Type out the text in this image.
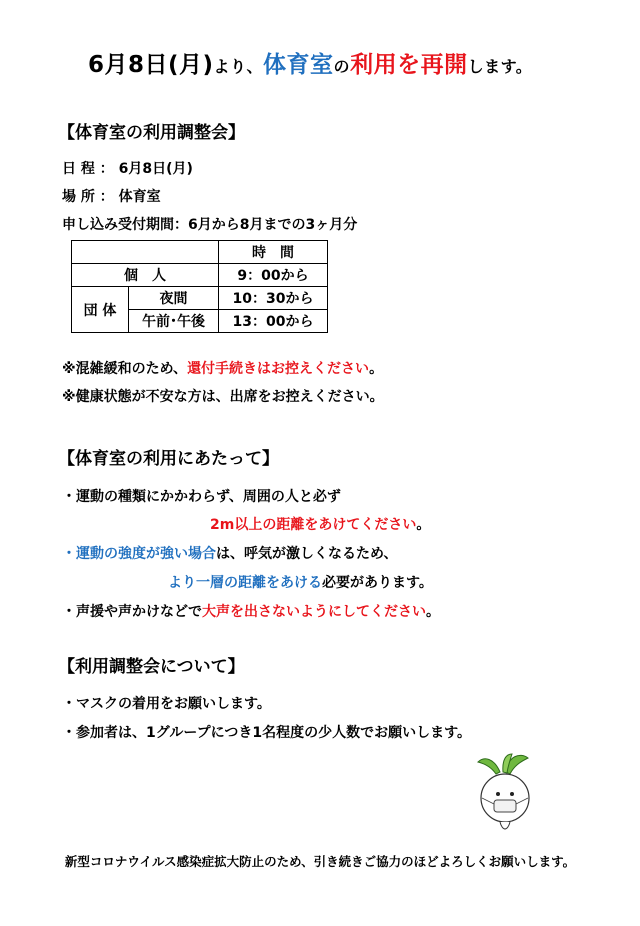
6月8日(月)より、体育室の利用を再開します。
【体育室の利用調整会】
日 程 ： 6月8日(月)
場 所 ： 体育室
申し込み受付期間：6月から8月までの3ヶ月分
		時　間
個　人		9：00から
団 体	夜間	10：30から
	午前･午後	13：00から
※混雑緩和のため、還付手続きはお控えください。
※健康状態が不安な方は、出席をお控えください。
【体育室の利用にあたって】
・運動の種類にかかわらず、周囲の人と必ず
2m以上の距離をあけてください。
・運動の強度が強い場合は、呼気が激しくなるため、
より一層の距離をあける必要があります。
・声援や声かけなどで大声を出さないようにしてください。
【利用調整会について】
・マスクの着用をお願いします。
・参加者は、1グループにつき1名程度の少人数でお願いします。
新型コロナウイルス感染症拡大防止のため、引き続きご協力のほどよろしくお願いします。
